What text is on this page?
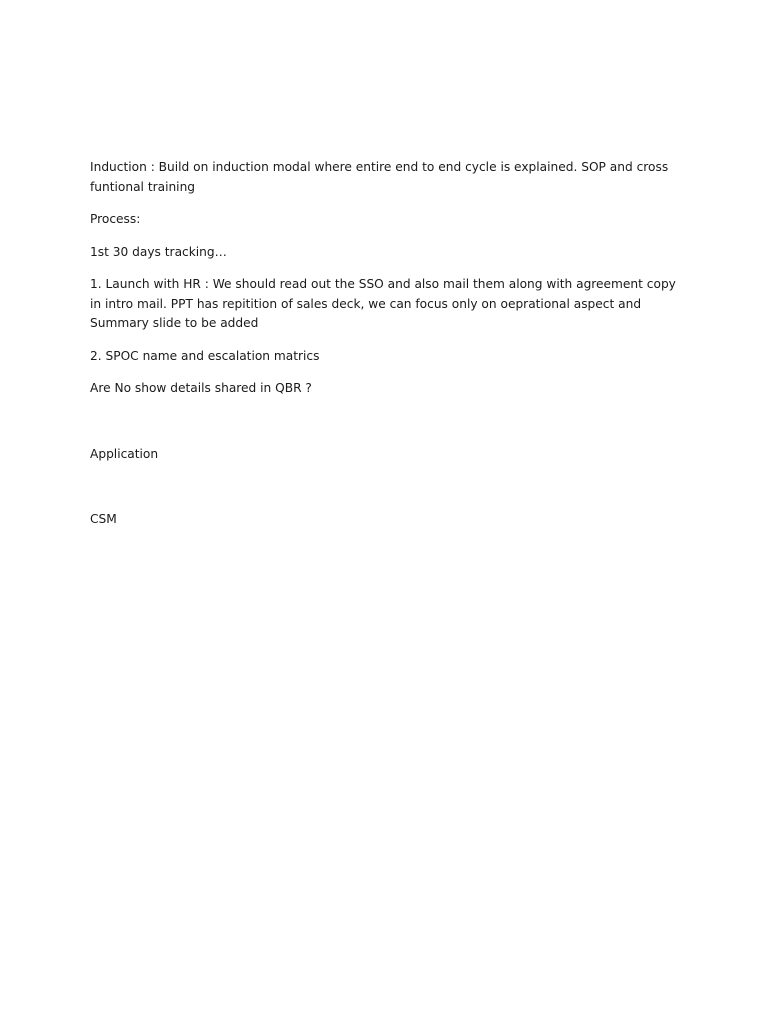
Induction : Build on induction modal where entire end to end cycle is explained. SOP and cross funtional training

Process:

1st 30 days tracking…

1. Launch with HR : We should read out the SSO and also mail them along with agreement copy in intro mail. PPT has repitition of sales deck, we can focus only on oeprational aspect and Summary slide to be added

2. SPOC name and escalation matrics

Are No show details shared in QBR ?

Application

CSM
